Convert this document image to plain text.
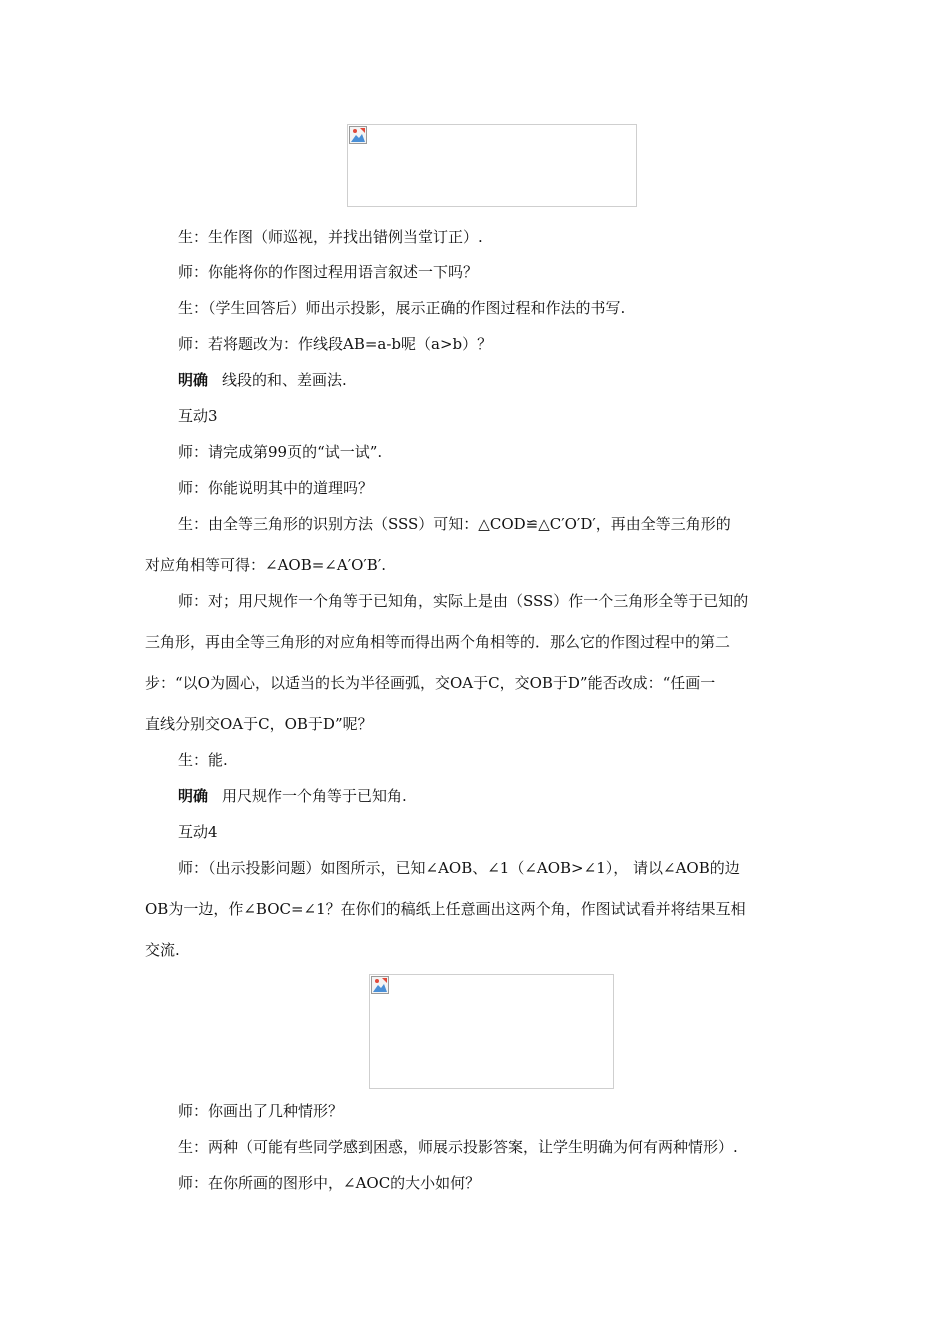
生：生作图（师巡视，并找出错例当堂订正）.

师：你能将你的作图过程用语言叙述一下吗？

生：（学生回答后）师出示投影，展示正确的作图过程和作法的书写.

师：若将题改为：作线段AB=a-b呢（a>b）？

明确 线段的和、差画法.

互动3

师：请完成第99页的“试一试”.

师：你能说明其中的道理吗？

生：由全等三角形的识别方法（SSS）可知：△COD≌△C′O′D′，再由全等三角形的

对应角相等可得：∠AOB=∠A′O′B′.

师：对；用尺规作一个角等于已知角，实际上是由（SSS）作一个三角形全等于已知的

三角形，再由全等三角形的对应角相等而得出两个角相等的．那么它的作图过程中的第二

步：“以O为圆心，以适当的长为半径画弧，交OA于C，交OB于D”能否改成：“任画一

直线分别交OA于C，OB于D”呢？

生：能.

明确 用尺规作一个角等于已知角.

互动4

师：（出示投影问题）如图所示，已知∠AOB、∠1（∠AOB>∠1）， 请以∠AOB的边

OB为一边，作∠BOC=∠1？在你们的稿纸上任意画出这两个角，作图试试看并将结果互相

交流.

师：你画出了几种情形？

生：两种（可能有些同学感到困惑，师展示投影答案，让学生明确为何有两种情形）.

师：在你所画的图形中，∠AOC的大小如何？
